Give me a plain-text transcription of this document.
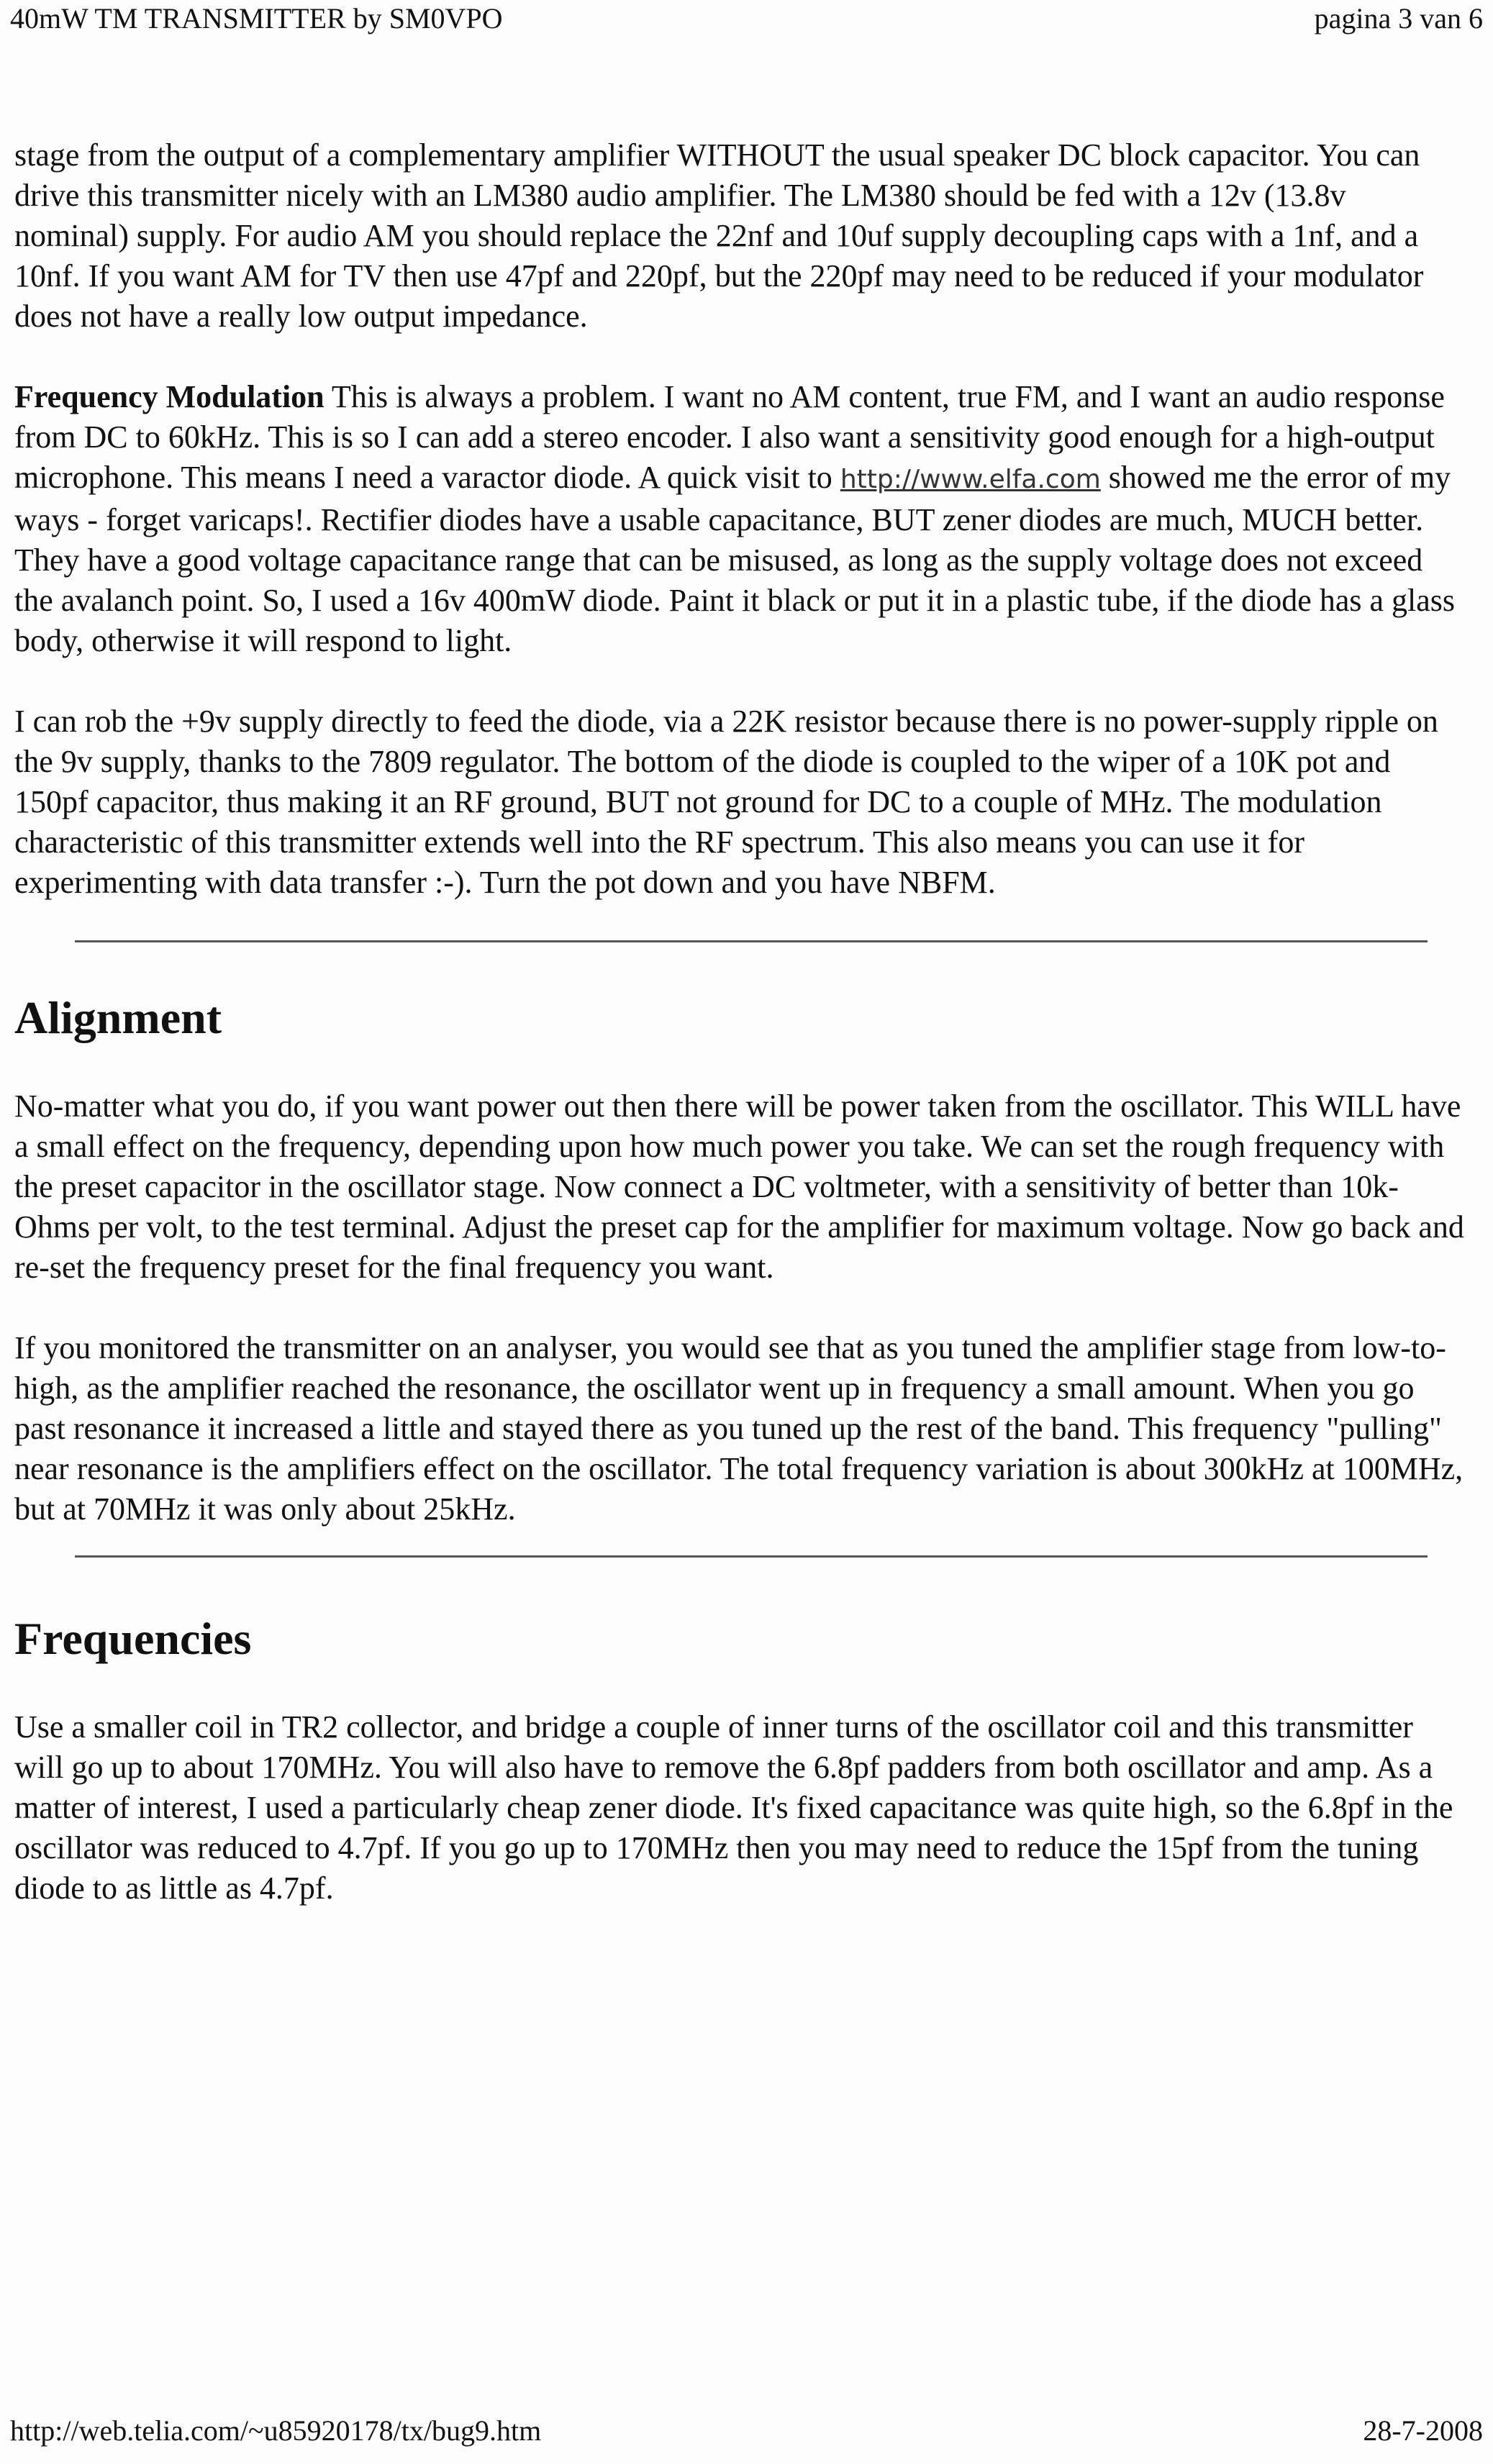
40mW TM TRANSMITTER by SM0VPO	pagina 3 van 6

stage from the output of a complementary amplifier WITHOUT the usual speaker DC block capacitor. You can drive this transmitter nicely with an LM380 audio amplifier. The LM380 should be fed with a 12v (13.8v nominal) supply. For audio AM you should replace the 22nf and 10uf supply decoupling caps with a 1nf, and a 10nf. If you want AM for TV then use 47pf and 220pf, but the 220pf may need to be reduced if your modulator does not have a really low output impedance.

Frequency Modulation This is always a problem. I want no AM content, true FM, and I want an audio response from DC to 60kHz. This is so I can add a stereo encoder. I also want a sensitivity good enough for a high-output microphone. This means I need a varactor diode. A quick visit to http://www.elfa.com showed me the error of my ways - forget varicaps!. Rectifier diodes have a usable capacitance, BUT zener diodes are much, MUCH better. They have a good voltage capacitance range that can be misused, as long as the supply voltage does not exceed the avalanch point. So, I used a 16v 400mW diode. Paint it black or put it in a plastic tube, if the diode has a glass body, otherwise it will respond to light.

I can rob the +9v supply directly to feed the diode, via a 22K resistor because there is no power-supply ripple on the 9v supply, thanks to the 7809 regulator. The bottom of the diode is coupled to the wiper of a 10K pot and 150pf capacitor, thus making it an RF ground, BUT not ground for DC to a couple of MHz. The modulation characteristic of this transmitter extends well into the RF spectrum. This also means you can use it for experimenting with data transfer :-). Turn the pot down and you have NBFM.

Alignment

No-matter what you do, if you want power out then there will be power taken from the oscillator. This WILL have a small effect on the frequency, depending upon how much power you take. We can set the rough frequency with the preset capacitor in the oscillator stage. Now connect a DC voltmeter, with a sensitivity of better than 10k-Ohms per volt, to the test terminal. Adjust the preset cap for the amplifier for maximum voltage. Now go back and re-set the frequency preset for the final frequency you want.

If you monitored the transmitter on an analyser, you would see that as you tuned the amplifier stage from low-to-high, as the amplifier reached the resonance, the oscillator went up in frequency a small amount. When you go past resonance it increased a little and stayed there as you tuned up the rest of the band. This frequency "pulling" near resonance is the amplifiers effect on the oscillator. The total frequency variation is about 300kHz at 100MHz, but at 70MHz it was only about 25kHz.

Frequencies

Use a smaller coil in TR2 collector, and bridge a couple of inner turns of the oscillator coil and this transmitter will go up to about 170MHz. You will also have to remove the 6.8pf padders from both oscillator and amp. As a matter of interest, I used a particularly cheap zener diode. It's fixed capacitance was quite high, so the 6.8pf in the oscillator was reduced to 4.7pf. If you go up to 170MHz then you may need to reduce the 15pf from the tuning diode to as little as 4.7pf.

http://web.telia.com/~u85920178/tx/bug9.htm	28-7-2008
